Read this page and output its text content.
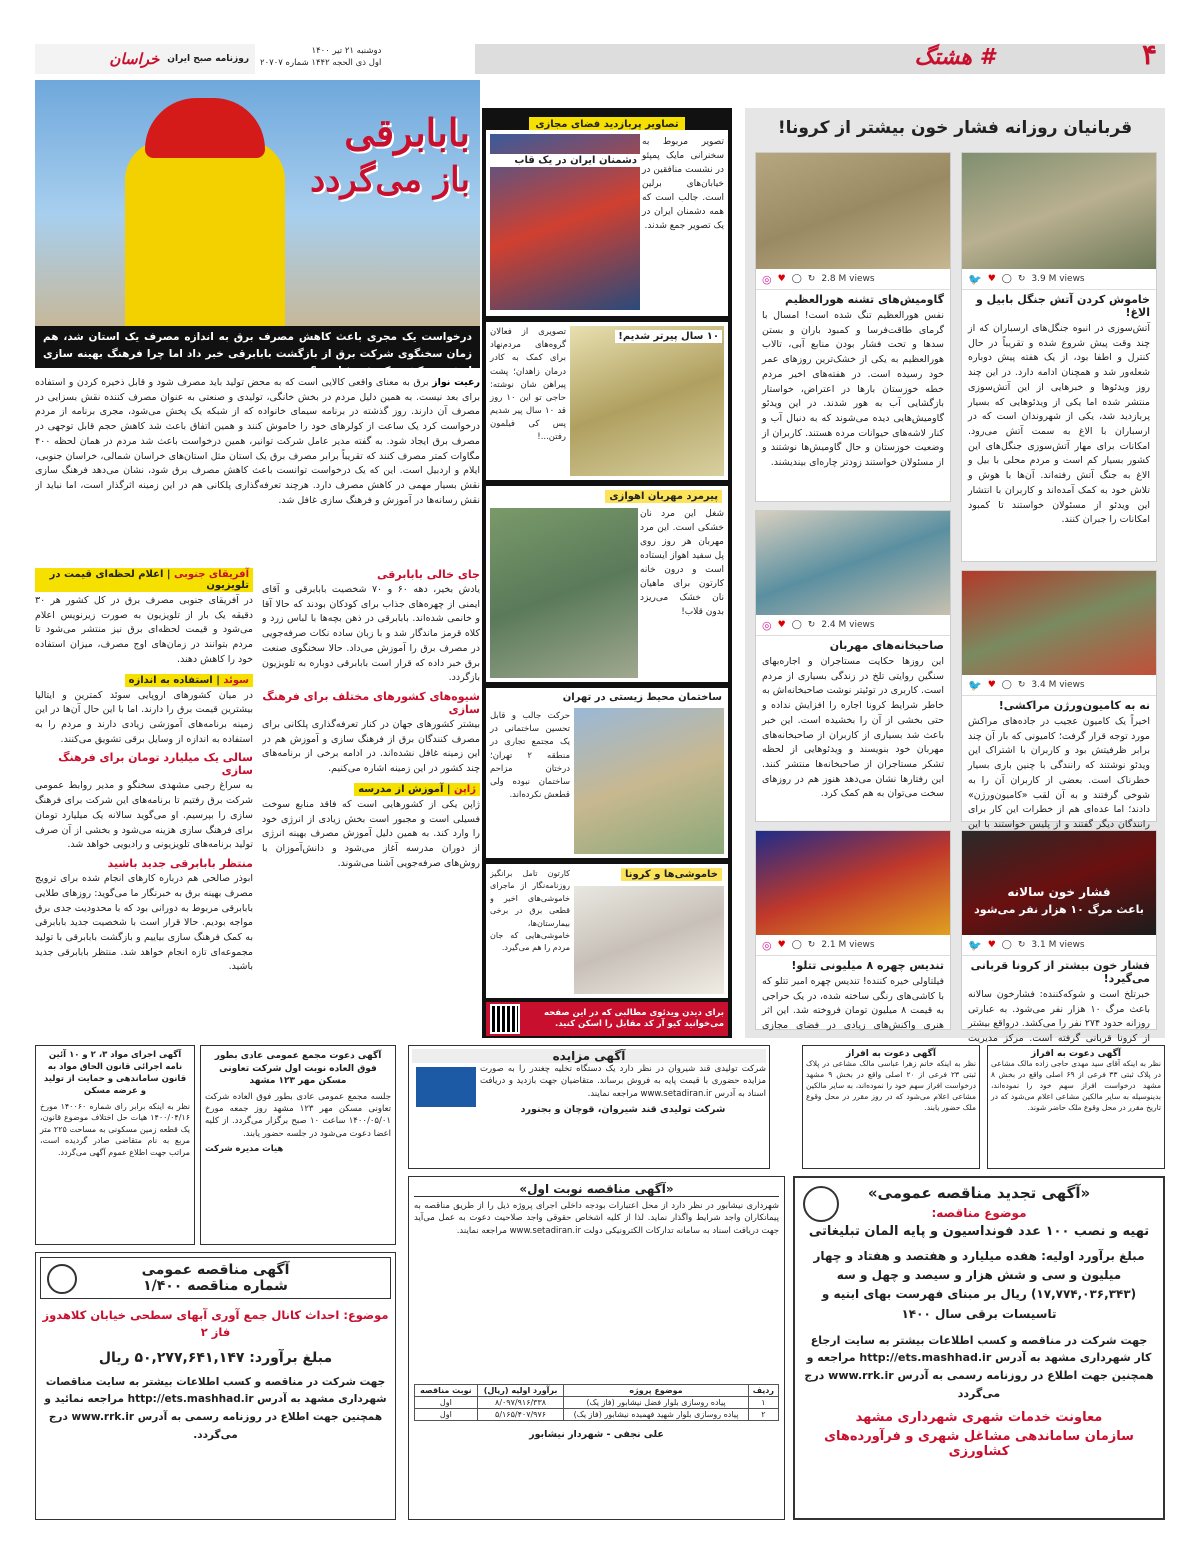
۴
# هشتگ
روزنامه صبح ایران
خراسان	دوشنبه ۲۱ تیر ۱۴۰۰
اول ذی الحجه ۱۴۴۲ شماره ۲۰۷۰۷
قربانیان روزانه فشار خون بیشتر از کرونا!
🐦 ♥ ◯ ↻ 3.9 M views
خاموش کردن آتش جنگل بابیل و الاغ!

آتش‌سوزی در انبوه جنگل‌های ارسباران که از چند وقت پیش شروع شده و تقریباً در حال کنترل و اطفا بود، از یک هفته پیش دوباره شعله‌ور شد و همچنان ادامه دارد. در این چند روز ویدئوها و خبرهایی از این آتش‌سوزی منتشر شده اما یکی از ویدئوهایی که بسیار پربازدید شد، یکی از شهروندان است که در ارسباران با الاغ به سمت آتش می‌رود. امکانات برای مهار آتش‌سوزی جنگل‌های این کشور بسیار کم است و مردم محلی با بیل و الاغ به جنگ آتش رفته‌اند. آن‌ها با هوش و تلاش خود به کمک آمده‌اند و کاربران با انتشار این ویدئو از مسئولان خواستند تا کمبود امکانات را جبران کنند.

◎ ♥ ◯ ↻ 2.8 M views
گاومیش‌های تشنه هورالعظیم

نفس هورالعظیم تنگ شده است! امسال با گرمای طاقت‌فرسا و کمبود باران و بستن سدها و تحت فشار بودن منابع آبی، تالاب هورالعظیم به یکی از خشک‌ترین روزهای عمر خود رسیده است. در هفته‌های اخیر مردم خطه خوزستان بارها در اعتراض، خواستار بازگشایی آب به هور شدند. در این ویدئو گاومیش‌هایی دیده می‌شوند که به دنبال آب و کنار لاشه‌های حیوانات مرده هستند. کاربران از وضعیت خوزستان و حال گاومیش‌ها نوشتند و از مسئولان خواستند زودتر چاره‌ای بیندیشند.

🐦 ♥ ◯ ↻ 3.4 M views
نه به کامیون‌ورژن مراکشی!

اخیراً یک کامیون عجیب در جاده‌های مراکش مورد توجه قرار گرفت؛ کامیونی که بار آن چند برابر ظرفیتش بود و کاربران با اشتراک این ویدئو نوشتند که رانندگی با چنین باری بسیار خطرناک است. بعضی از کاربران آن را به شوخی گرفتند و به آن لقب «کامیون‌ورژن» دادند؛ اما عده‌ای هم از خطرات این کار برای رانندگان دیگر گفتند و از پلیس خواستند با این

◎ ♥ ◯ ↻ 2.4 M views
صاحبخانه‌های مهربان

این روزها حکایت مستاجران و اجاره‌بهای سنگین روایتی تلخ در زندگی بسیاری از مردم است. کاربری در توئیتر نوشت صاحبخانه‌اش به خاطر شرایط کرونا اجاره را افزایش نداده و حتی بخشی از آن را بخشیده است. این خبر باعث شد بسیاری از کاربران از صاحبخانه‌های مهربان خود بنویسند و ویدئوهایی از لحظه تشکر مستاجران از صاحبخانه‌ها منتشر کنند. این رفتارها نشان می‌دهد هنوز هم در روزهای سخت می‌توان به هم کمک کرد.

فشار خون سالانه
باعث مرگ ۱۰ هزار نفر می‌شود
🐦 ♥ ◯ ↻ 3.1 M views
فشار خون بیشتر از کرونا قربانی می‌گیرد!

خبرتلخ است و شوکه‌کننده: فشارخون سالانه باعث مرگ ۱۰ هزار نفر می‌شود. به عبارتی روزانه حدود ۲۷۴ نفر را می‌کشد. درواقع بیشتر از کرونا قربانی گرفته است. مرکز مدیریت

◎ ♥ ◯ ↻ 2.1 M views
تندیس چهره ۸ میلیونی تتلو!

فیلتاولی خیره کننده! تندیس چهره امیر تتلو که با کاشی‌های رنگی ساخته شده، در یک حراجی به قیمت ۸ میلیون تومان فروخته شد. این اثر هنری واکنش‌های زیادی در فضای مجازی

تصاویر پربازدید فضای مجازی
دشمنان ایران در یک قاب

تصویر مربوط به سخنرانی مایک پمپئو در نشست منافقین در خیابان‌های برلین است. جالب است که همه دشمنان ایران در یک تصویر جمع شدند.

تصویری از فعالان گروه‌های مردم‌نهاد برای کمک به کادر درمان زاهدان؛ پشت پیراهن شان نوشته: حاجی تو این ۱۰ روز قد ۱۰ سال پیر شدیم پس کی فیلمون رفتن...!

۱۰ سال پیرتر شدیم!
پیرمرد مهربان اهوازی

شغل این مرد نان خشکی است. این مرد مهربان هر روز روی پل سفید اهواز ایستاده است و درون خانه کارتون برای ماهیان نان خشک می‌ریزد بدون قلاب!

ساختمان محیط زیستی در تهران

حرکت جالب و قابل تحسین ساختمانی در یک مجتمع تجاری در منطقه ۲ تهران؛ درختان مزاحم ساختمان نبوده ولی قطعش نکرده‌اند.

خاموشی‌ها و کرونا

کارتون تامل برانگیز روزنامه‌نگار از ماجرای خاموشی‌های اخیر و قطعی برق در برخی بیمارستان‌ها، خاموشی‌هایی که جان مردم را هم می‌گیرد.

برای دیدن ویدئوی مطالبی که در این صفحه می‌خوانید کیو آر کد مقابل را اسکن کنید.
بابابرقی
باز می‌گردد
درخواست یک مجری باعث کاهش مصرف برق به اندازه مصرف یک استان شد، هم زمان سخنگوی شرکت برق از بازگشت بابابرقی خبر داد اما چرا فرهنگ بهینه سازی انرژی در کشور کم فروغ است؟

رعیت نواز برق به معنای واقعی کالایی است که به محض تولید باید مصرف شود و قابل ذخیره کردن و استفاده برای بعد نیست. به همین دلیل مردم در بخش خانگی، تولیدی و صنعتی به عنوان مصرف کننده نقش بسزایی در مصرف آن دارند. روز گذشته در برنامه سیمای خانواده که از شبکه یک پخش می‌شود، مجری برنامه از مردم درخواست کرد یک ساعت از کولرهای خود را خاموش کنند و همین اتفاق باعث شد کاهش حجم قابل توجهی در مصرف برق ایجاد شود. به گفته مدیر عامل شرکت توانیر، همین درخواست باعث شد مردم در همان لحظه ۴۰۰ مگاوات کمتر مصرف کنند که تقریباً برابر مصرف برق یک استان مثل استان‌های خراسان شمالی، خراسان جنوبی، ایلام و اردبیل است. این که یک درخواست توانست باعث کاهش مصرف برق شود، نشان می‌دهد فرهنگ سازی نقش بسیار مهمی در کاهش مصرف دارد. هرچند تعرفه‌گذاری پلکانی هم در این زمینه اثرگذار است، اما نباید از نقش رسانه‌ها در آموزش و فرهنگ سازی غافل شد.

جای خالی بابابرقی

یادش بخیر، دهه ۶۰ و ۷۰ شخصیت بابابرقی و آقای ایمنی از چهره‌های جذاب برای کودکان بودند که حالا آقا و خانمی شده‌اند. بابابرقی در ذهن بچه‌ها با لباس زرد و کلاه قرمز ماندگار شد و با زبان ساده نکات صرفه‌جویی در مصرف برق را آموزش می‌داد. حالا سخنگوی صنعت برق خبر داده که قرار است بابابرقی دوباره به تلویزیون بازگردد.

شیوه‌های کشورهای مختلف برای فرهنگ سازی

بیشتر کشورهای جهان در کنار تعرفه‌گذاری پلکانی برای مصرف کنندگان برق از فرهنگ سازی و آموزش هم در این زمینه غافل نشده‌اند. در ادامه برخی از برنامه‌های چند کشور در این زمینه اشاره می‌کنیم.

ژاپن | آموزش از مدرسه

ژاپن یکی از کشورهایی است که فاقد منابع سوخت فسیلی است و مجبور است بخش زیادی از انرژی خود را وارد کند. به همین دلیل آموزش مصرف بهینه انرژی از دوران مدرسه آغاز می‌شود و دانش‌آموزان با روش‌های صرفه‌جویی آشنا می‌شوند.

آفریقای جنوبی | اعلام لحظه‌ای قیمت در تلویزیون

در آفریقای جنوبی مصرف برق در کل کشور هر ۳۰ دقیقه یک بار از تلویزیون به صورت زیرنویس اعلام می‌شود و قیمت لحظه‌ای برق نیز منتشر می‌شود تا مردم بتوانند در زمان‌های اوج مصرف، میزان استفاده خود را کاهش دهند.

سوئد | استفاده به اندازه

در میان کشورهای اروپایی سوئد کمترین و ایتالیا بیشترین قیمت برق را دارند. اما با این حال آن‌ها در این زمینه برنامه‌های آموزشی زیادی دارند و مردم را به استفاده به اندازه از وسایل برقی تشویق می‌کنند.

سالی یک میلیارد تومان برای فرهنگ سازی

به سراغ رجبی مشهدی سخنگو و مدیر روابط عمومی شرکت برق رفتیم تا برنامه‌های این شرکت برای فرهنگ سازی را بپرسیم. او می‌گوید سالانه یک میلیارد تومان برای فرهنگ سازی هزینه می‌شود و بخشی از آن صرف تولید برنامه‌های تلویزیونی و رادیویی خواهد شد.

منتظر بابابرقی جدید باشید

ابوذر صالحی هم درباره کارهای انجام شده برای ترویج مصرف بهینه برق به خبرنگار ما می‌گوید: روزهای طلایی بابابرقی مربوط به دورانی بود که با محدودیت جدی برق مواجه بودیم. حالا قرار است با شخصیت جدید بابابرقی به کمک فرهنگ سازی بیاییم و بازگشت بابابرقی با تولید مجموعه‌ای تازه انجام خواهد شد. منتظر بابابرقی جدید باشید.

آگهی دعوت به افراز

نظر به اینکه آقای سید مهدی حاجی زاده مالک مشاعی در پلاک ثبتی ۳۳ فرعی از ۶۹ اصلی واقع در بخش ۸ مشهد درخواست افراز سهم خود را نموده‌اند، بدینوسیله به سایر مالکین مشاعی اعلام می‌شود که در تاریخ مقرر در محل وقوع ملک حاضر شوند.

آگهی دعوت به افراز

نظر به اینکه خانم زهرا عباسی مالک مشاعی در پلاک ثبتی ۲۳ فرعی از ۲۰ اصلی واقع در بخش ۹ مشهد درخواست افراز سهم خود را نموده‌اند، به سایر مالکین مشاعی اعلام می‌شود که در روز مقرر در محل وقوع ملک حضور یابند.

آگهی مزایده

شرکت تولیدی قند شیروان در نظر دارد یک دستگاه تخلیه چغندر را به صورت مزایده حضوری با قیمت پایه به فروش برساند. متقاضیان جهت بازدید و دریافت اسناد به آدرس www.setadiran.ir مراجعه نمایند.

شرکت تولیدی قند شیروان، قوچان و بجنورد
«آگهی تجدید مناقصه عمومی»
موضوع مناقصه:
تهیه و نصب ۱۰۰ عدد فونداسیون و پایه المان تبلیغاتی
مبلغ برآورد اولیه: هفده میلیارد و هفتصد و هفتاد و چهار میلیون و سی و شش هزار و سیصد و چهل و سه (۱۷,۷۷۴,۰۳۶,۳۴۳) ریال بر مبنای فهرست بهای ابنیه و تاسیسات برقی سال ۱۴۰۰
جهت شرکت در مناقصه و کسب اطلاعات بیشتر به سایت ارجاع کار شهرداری مشهد به آدرس http://ets.mashhad.ir مراجعه و همچنین جهت اطلاع در روزنامه رسمی به آدرس www.rrk.ir درج می‌گردد
معاونت خدمات شهری شهرداری مشهد
سازمان ساماندهی مشاغل شهری و فرآورده‌های کشاورزی
«آگهی مناقصه نوبت اول»

شهرداری نیشابور در نظر دارد از محل اعتبارات بودجه داخلی اجرای پروژه ذیل را از طریق مناقصه به پیمانکاران واجد شرایط واگذار نماید. لذا از کلیه اشخاص حقوقی واجد صلاحیت دعوت به عمل می‌آید جهت دریافت اسناد به سامانه تدارکات الکترونیکی دولت www.setadiran.ir مراجعه نمایند.

ردیف	موضوع پروژه	برآورد اولیه (ریال)	نوبت مناقصه
۱	پیاده روسازی بلوار فضل نیشابور (فاز یک)	۸/۰۹۷/۹۱۶/۳۳۸	اول
۲	پیاده روسازی بلوار شهید فهمیده نیشابور (فاز یک)	۵/۱۶۵/۴۰۷/۹۷۶	اول
علی نجفی - شهردار نیشابور
آگهی دعوت مجمع عمومی عادی بطور فوق العاده نوبت اول شرکت تعاونی مسکن مهر ۱۲۳ مشهد

جلسه مجمع عمومی عادی بطور فوق العاده شرکت تعاونی مسکن مهر ۱۲۳ مشهد روز جمعه مورخ ۱۴۰۰/۰۵/۰۱ ساعت ۱۰ صبح برگزار می‌گردد. از کلیه اعضا دعوت می‌شود در جلسه حضور یابند.

هیات مدیره شرکت
آگهی اجرای مواد ۳، ۲ و ۱۰ آئین نامه اجرائی قانون الحاق مواد به قانون ساماندهی و حمایت از تولید و عرضه مسکن

نظر به اینکه برابر رای شماره ۱۴۰۰۶۰ مورخ ۱۴۰۰/۰۴/۱۶ هیات حل اختلاف موضوع قانون، یک قطعه زمین مسکونی به مساحت ۲۲۵ متر مربع به نام متقاضی صادر گردیده است، مراتب جهت اطلاع عموم آگهی می‌گردد.

آگهی مناقصه عمومی
شماره مناقصه ۱/۴۰۰
موضوع: احداث کانال جمع آوری آبهای سطحی خیابان کلاهدوز فاز ۲
مبلغ برآورد: ۵۰,۲۷۷,۶۴۱,۱۴۷ ریال
جهت شرکت در مناقصه و کسب اطلاعات بیشتر به سایت مناقصات شهرداری مشهد به آدرس http://ets.mashhad.ir مراجعه نمائید و همچنین جهت اطلاع در روزنامه رسمی به آدرس www.rrk.ir درج می‌گردد.
